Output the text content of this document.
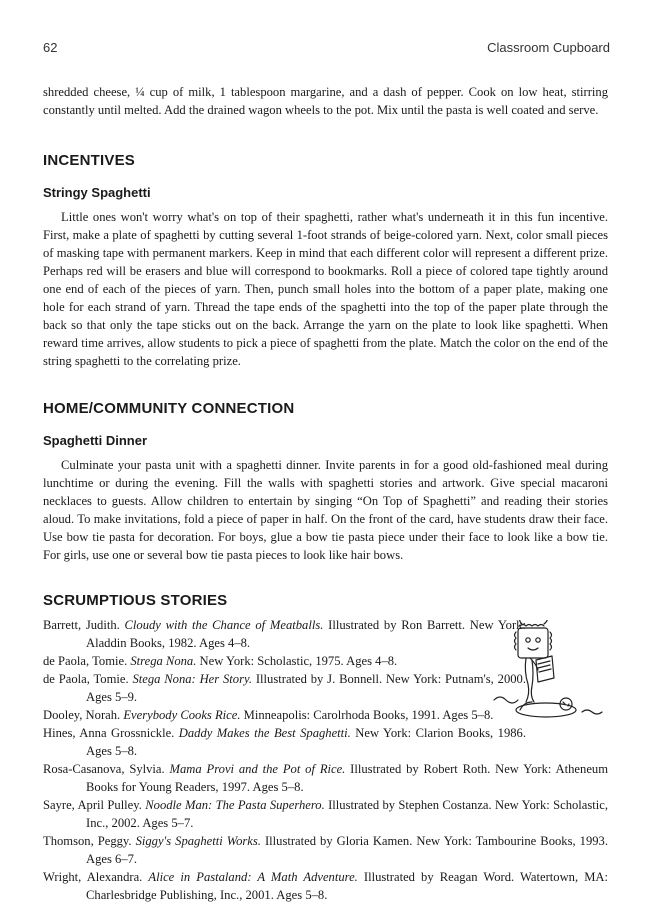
62	Classroom Cupboard

shredded cheese, ¼ cup of milk, 1 tablespoon margarine, and a dash of pepper. Cook on low heat, stirring constantly until melted. Add the drained wagon wheels to the pot. Mix until the pasta is well coated and serve.

INCENTIVES
Stringy Spaghetti

Little ones won't worry what's on top of their spaghetti, rather what's underneath it in this fun incentive. First, make a plate of spaghetti by cutting several 1-foot strands of beige-colored yarn. Next, color small pieces of masking tape with permanent markers. Keep in mind that each different color will represent a different prize. Perhaps red will be erasers and blue will correspond to bookmarks. Roll a piece of colored tape tightly around one end of each of the pieces of yarn. Then, punch small holes into the bottom of a paper plate, making one hole for each strand of yarn. Thread the tape ends of the spaghetti into the top of the paper plate through the back so that only the tape sticks out on the back. Arrange the yarn on the plate to look like spaghetti. When reward time arrives, allow students to pick a piece of spaghetti from the plate. Match the color on the end of the string spaghetti to the correlating prize.

HOME/COMMUNITY CONNECTION
Spaghetti Dinner

Culminate your pasta unit with a spaghetti dinner. Invite parents in for a good old-fashioned meal during lunchtime or during the evening. Fill the walls with spaghetti stories and artwork. Give special macaroni necklaces to guests. Allow children to entertain by singing “On Top of Spaghetti” and reading their stories aloud. To make invitations, fold a piece of paper in half. On the front of the card, have students draw their face. Use bow tie pasta for decoration. For boys, glue a bow tie pasta piece under their face to look like a bow tie. For girls, use one or several bow tie pasta pieces to look like hair bows.

SCRUMPTIOUS STORIES
Barrett, Judith. Cloudy with the Chance of Meatballs. Illustrated by Ron Barrett. New York: Aladdin Books, 1982. Ages 4–8.
de Paola, Tomie. Strega Nona. New York: Scholastic, 1975. Ages 4–8.
de Paola, Tomie. Stega Nona: Her Story. Illustrated by J. Bonnell. New York: Putnam's, 2000. Ages 5–9.
Dooley, Norah. Everybody Cooks Rice. Minneapolis: Carolrhoda Books, 1991. Ages 5–8.
Hines, Anna Grossnickle. Daddy Makes the Best Spaghetti. New York: Clarion Books, 1986. Ages 5–8.
Rosa-Casanova, Sylvia. Mama Provi and the Pot of Rice. Illustrated by Robert Roth. New York: Atheneum Books for Young Readers, 1997. Ages 5–8.
Sayre, April Pulley. Noodle Man: The Pasta Superhero. Illustrated by Stephen Costanza. New York: Scholastic, Inc., 2002. Ages 5–7.
Thomson, Peggy. Siggy's Spaghetti Works. Illustrated by Gloria Kamen. New York: Tambourine Books, 1993. Ages 6–7.
Wright, Alexandra. Alice in Pastaland: A Math Adventure. Illustrated by Reagan Word. Watertown, MA: Charlesbridge Publishing, Inc., 2001. Ages 5–8.
